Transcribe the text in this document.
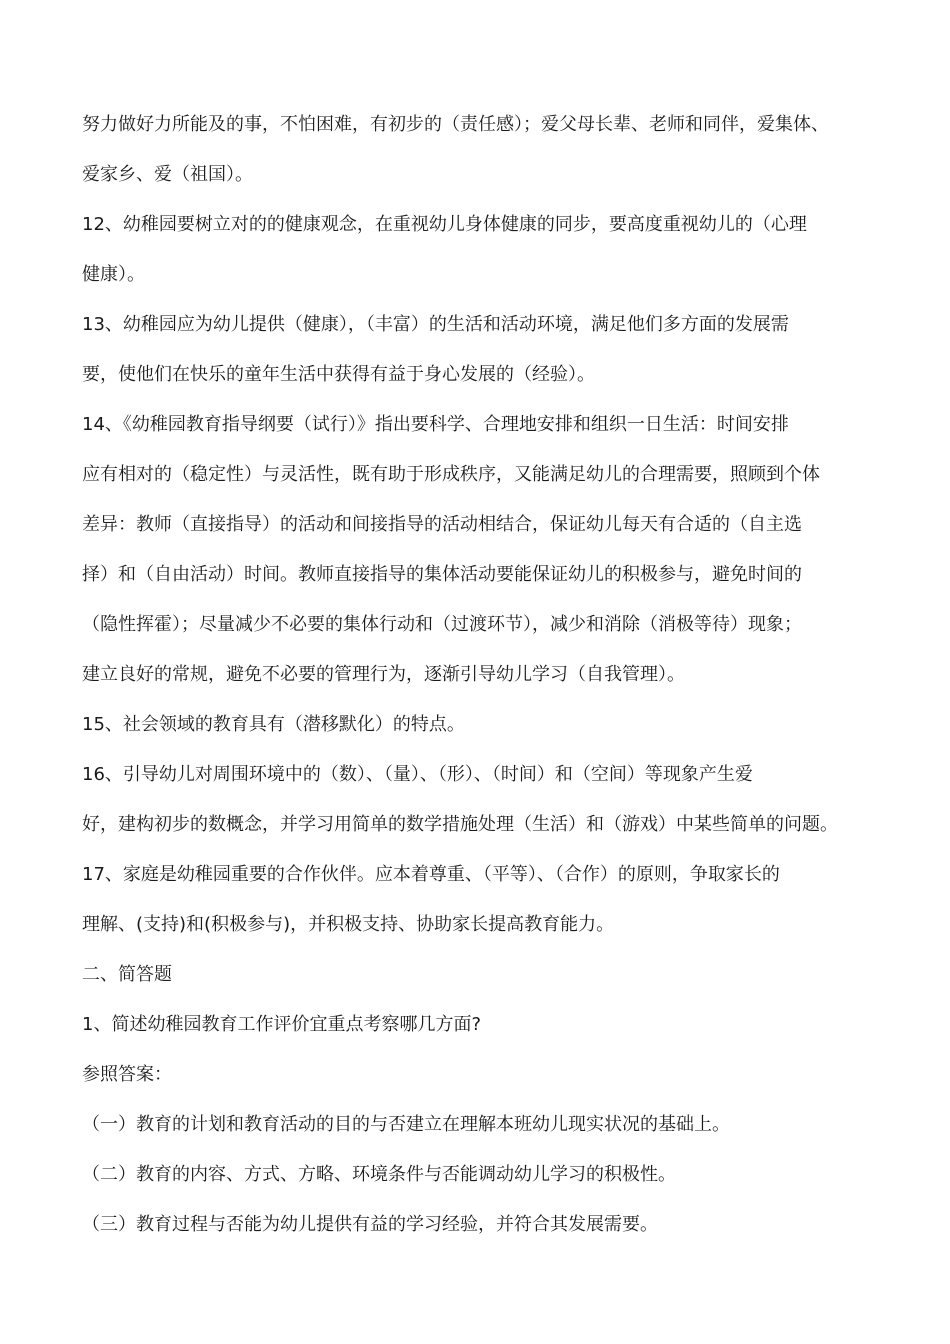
努力做好力所能及的事，不怕困难，有初步的（责任感）；爱父母长辈、老师和同伴，爱集体、
爱家乡、爱（祖国）。
12、幼稚园要树立对的的健康观念，在重视幼儿身体健康的同步，要高度重视幼儿的（心理
健康）。
13、幼稚园应为幼儿提供（健康），（丰富）的生活和活动环境，满足他们多方面的发展需
要，使他们在快乐的童年生活中获得有益于身心发展的（经验）。
14、《幼稚园教育指导纲要（试行）》指出要科学、合理地安排和组织一日生活：时间安排
应有相对的（稳定性）与灵活性，既有助于形成秩序，又能满足幼儿的合理需要，照顾到个体
差异：教师（直接指导）的活动和间接指导的活动相结合，保证幼儿每天有合适的（自主选
择）和（自由活动）时间。教师直接指导的集体活动要能保证幼儿的积极参与，避免时间的
（隐性挥霍）；尽量减少不必要的集体行动和（过渡环节），减少和消除（消极等待）现象；
建立良好的常规，避免不必要的管理行为，逐渐引导幼儿学习（自我管理）。
15、社会领域的教育具有（潜移默化）的特点。
16、引导幼儿对周围环境中的（数）、（量）、（形）、（时间）和（空间）等现象产生爱
好，建构初步的数概念，并学习用简单的数学措施处理（生活）和（游戏）中某些简单的问题。
17、家庭是幼稚园重要的合作伙伴。应本着尊重、（平等）、（合作）的原则，争取家长的
理解、(支持)和(积极参与)，并积极支持、协助家长提高教育能力。
二、简答题
1、简述幼稚园教育工作评价宜重点考察哪几方面?
参照答案：
（一）教育的计划和教育活动的目的与否建立在理解本班幼儿现实状况的基础上。
（二）教育的内容、方式、方略、环境条件与否能调动幼儿学习的积极性。
（三）教育过程与否能为幼儿提供有益的学习经验，并符合其发展需要。
